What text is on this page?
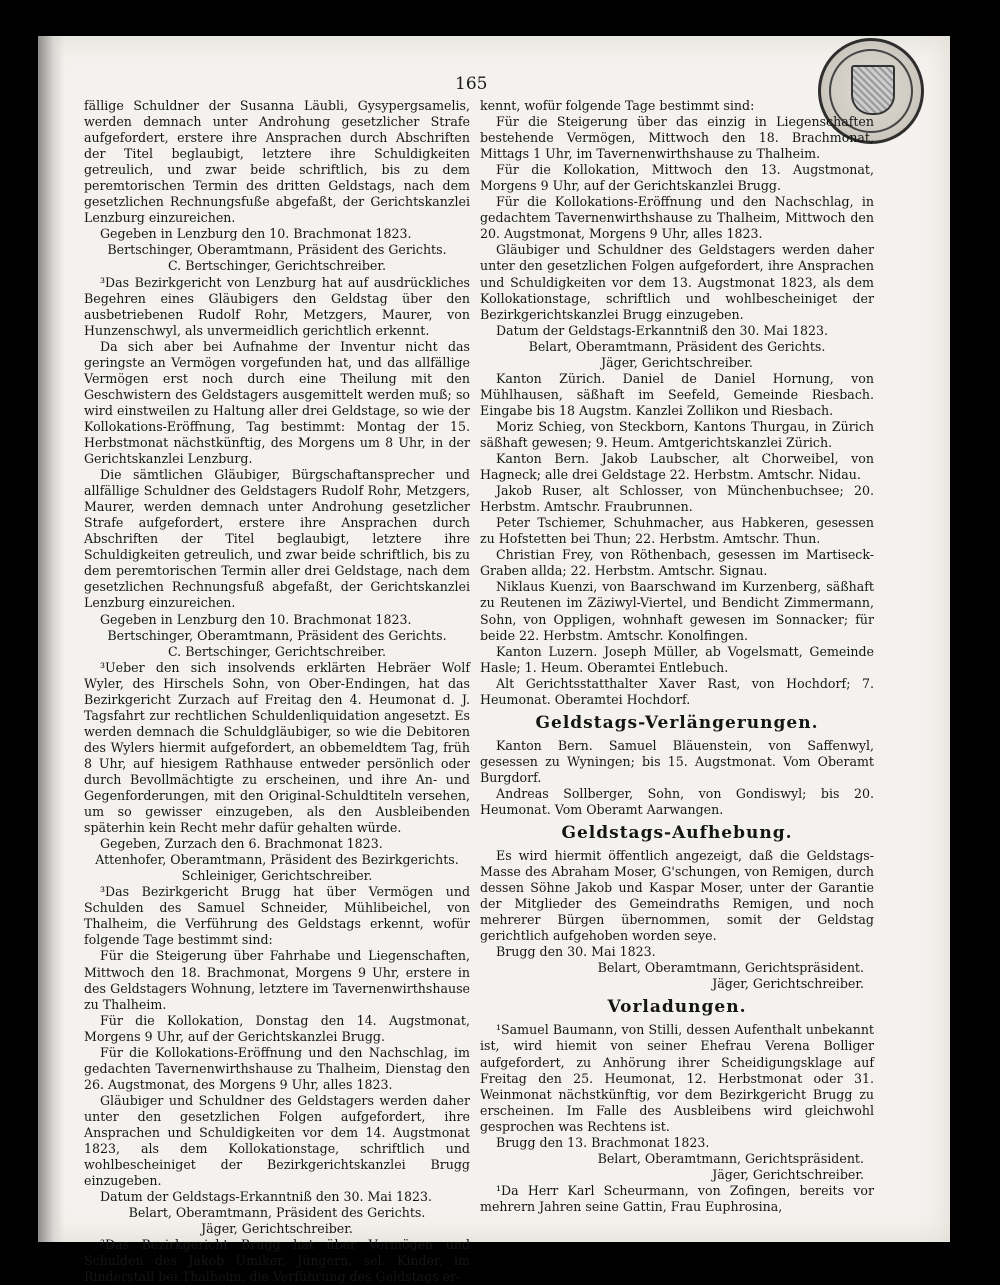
165

fällige Schuldner der Susanna Läubli, Gysypergsamelis, werden demnach unter Androhung gesetzlicher Strafe aufgefordert, erstere ihre Ansprachen durch Abschriften der Titel beglaubigt, letztere ihre Schuldigkeiten getreulich, und zwar beide schriftlich, bis zu dem peremtorischen Termin des dritten Geldstags, nach dem gesetzlichen Rechnungsfuße abgefaßt, der Gerichtskanzlei Lenzburg einzureichen.

Gegeben in Lenzburg den 10. Brachmonat 1823.

Bertschinger, Oberamtmann, Präsident des Gerichts.

C. Bertschinger, Gerichtschreiber.

³Das Bezirkgericht von Lenzburg hat auf ausdrückliches Begehren eines Gläubigers den Geldstag über den ausbetriebenen Rudolf Rohr, Metzgers, Maurer, von Hunzenschwyl, als unvermeidlich gerichtlich erkennt.

Da sich aber bei Aufnahme der Inventur nicht das geringste an Vermögen vorgefunden hat, und das allfällige Vermögen erst noch durch eine Theilung mit den Geschwistern des Geldstagers ausgemittelt werden muß; so wird einstweilen zu Haltung aller drei Geldstage, so wie der Kollokations-Eröffnung, Tag bestimmt: Montag der 15. Herbstmonat nächstkünftig, des Morgens um 8 Uhr, in der Gerichtskanzlei Lenzburg.

Die sämtlichen Gläubiger, Bürgschaftansprecher und allfällige Schuldner des Geldstagers Rudolf Rohr, Metzgers, Maurer, werden demnach unter Androhung gesetzlicher Strafe aufgefordert, erstere ihre Ansprachen durch Abschriften der Titel beglaubigt, letztere ihre Schuldigkeiten getreulich, und zwar beide schriftlich, bis zu dem peremtorischen Termin aller drei Geldstage, nach dem gesetzlichen Rechnungsfuß abgefaßt, der Gerichtskanzlei Lenzburg einzureichen.

Gegeben in Lenzburg den 10. Brachmonat 1823.

Bertschinger, Oberamtmann, Präsident des Gerichts.

C. Bertschinger, Gerichtschreiber.

³Ueber den sich insolvends erklärten Hebräer Wolf Wyler, des Hirschels Sohn, von Ober-Endingen, hat das Bezirkgericht Zurzach auf Freitag den 4. Heumonat d. J. Tagsfahrt zur rechtlichen Schuldenliquidation angesetzt. Es werden demnach die Schuldgläubiger, so wie die Debitoren des Wylers hiermit aufgefordert, an obbemeldtem Tag, früh 8 Uhr, auf hiesigem Rathhause entweder persönlich oder durch Bevollmächtigte zu erscheinen, und ihre An- und Gegenforderungen, mit den Original-Schuldtiteln versehen, um so gewisser einzugeben, als den Ausbleibenden späterhin kein Recht mehr dafür gehalten würde.

Gegeben, Zurzach den 6. Brachmonat 1823.

Attenhofer, Oberamtmann, Präsident des Bezirkgerichts.

Schleiniger, Gerichtschreiber.

³Das Bezirkgericht Brugg hat über Vermögen und Schulden des Samuel Schneider, Mühlibeichel, von Thalheim, die Verführung des Geldstags erkennt, wofür folgende Tage bestimmt sind:

Für die Steigerung über Fahrhabe und Liegenschaften, Mittwoch den 18. Brachmonat, Morgens 9 Uhr, erstere in des Geldstagers Wohnung, letztere im Tavernenwirthshause zu Thalheim.

Für die Kollokation, Donstag den 14. Augstmonat, Morgens 9 Uhr, auf der Gerichtskanzlei Brugg.

Für die Kollokations-Eröffnung und den Nachschlag, im gedachten Tavernenwirthshause zu Thalheim, Dienstag den 26. Augstmonat, des Morgens 9 Uhr, alles 1823.

Gläubiger und Schuldner des Geldstagers werden daher unter den gesetzlichen Folgen aufgefordert, ihre Ansprachen und Schuldigkeiten vor dem 14. Augstmonat 1823, als dem Kollokationstage, schriftlich und wohlbescheiniget der Bezirkgerichtskanzlei Brugg einzugeben.

Datum der Geldstags-Erkanntniß den 30. Mai 1823.

Belart, Oberamtmann, Präsident des Gerichts.

Jäger, Gerichtschreiber.

²Das Bezirkgericht Brugg hat über Vermögen und Schulden des Jakob Umiker, Jüngern, sel. Kinder, im Rinderstall bei Thalheim, die Verführung des Geldstags er-

kennt, wofür folgende Tage bestimmt sind:

Für die Steigerung über das einzig in Liegenschaften bestehende Vermögen, Mittwoch den 18. Brachmonat, Mittags 1 Uhr, im Tavernenwirthshause zu Thalheim.

Für die Kollokation, Mittwoch den 13. Augstmonat, Morgens 9 Uhr, auf der Gerichtskanzlei Brugg.

Für die Kollokations-Eröffnung und den Nachschlag, in gedachtem Tavernenwirthshause zu Thalheim, Mittwoch den 20. Augstmonat, Morgens 9 Uhr, alles 1823.

Gläubiger und Schuldner des Geldstagers werden daher unter den gesetzlichen Folgen aufgefordert, ihre Ansprachen und Schuldigkeiten vor dem 13. Augstmonat 1823, als dem Kollokationstage, schriftlich und wohlbescheiniget der Bezirkgerichtskanzlei Brugg einzugeben.

Datum der Geldstags-Erkanntniß den 30. Mai 1823.

Belart, Oberamtmann, Präsident des Gerichts.

Jäger, Gerichtschreiber.

Kanton Zürich. Daniel de Daniel Hornung, von Mühlhausen, säßhaft im Seefeld, Gemeinde Riesbach. Eingabe bis 18 Augstm. Kanzlei Zollikon und Riesbach.

Moriz Schieg, von Steckborn, Kantons Thurgau, in Zürich säßhaft gewesen; 9. Heum. Amtgerichtskanzlei Zürich.

Kanton Bern. Jakob Laubscher, alt Chorweibel, von Hagneck; alle drei Geldstage 22. Herbstm. Amtschr. Nidau.

Jakob Ruser, alt Schlosser, von Münchenbuchsee; 20. Herbstm. Amtschr. Fraubrunnen.

Peter Tschiemer, Schuhmacher, aus Habkeren, gesessen zu Hofstetten bei Thun; 22. Herbstm. Amtschr. Thun.

Christian Frey, von Röthenbach, gesessen im Martiseck-Graben allda; 22. Herbstm. Amtschr. Signau.

Niklaus Kuenzi, von Baarschwand im Kurzenberg, säßhaft zu Reutenen im Zäziwyl-Viertel, und Bendicht Zimmermann, Sohn, von Oppligen, wohnhaft gewesen im Sonnacker; für beide 22. Herbstm. Amtschr. Konolfingen.

Kanton Luzern. Joseph Müller, ab Vogelsmatt, Gemeinde Hasle; 1. Heum. Oberamtei Entlebuch.

Alt Gerichtsstatthalter Xaver Rast, von Hochdorf; 7. Heumonat. Oberamtei Hochdorf.

Geldstags-Verlängerungen.

Kanton Bern. Samuel Bläuenstein, von Saffenwyl, gesessen zu Wyningen; bis 15. Augstmonat. Vom Oberamt Burgdorf.

Andreas Sollberger, Sohn, von Gondiswyl; bis 20. Heumonat. Vom Oberamt Aarwangen.

Geldstags-Aufhebung.

Es wird hiermit öffentlich angezeigt, daß die Geldstags-Masse des Abraham Moser, G'schungen, von Remigen, durch dessen Söhne Jakob und Kaspar Moser, unter der Garantie der Mitglieder des Gemeindraths Remigen, und noch mehrerer Bürgen übernommen, somit der Geldstag gerichtlich aufgehoben worden seye.

Brugg den 30. Mai 1823.

Belart, Oberamtmann, Gerichtspräsident.

Jäger, Gerichtschreiber.

Vorladungen.

¹Samuel Baumann, von Stilli, dessen Aufenthalt unbekannt ist, wird hiemit von seiner Ehefrau Verena Bolliger aufgefordert, zu Anhörung ihrer Scheidigungsklage auf Freitag den 25. Heumonat, 12. Herbstmonat oder 31. Weinmonat nächstkünftig, vor dem Bezirkgericht Brugg zu erscheinen. Im Falle des Ausbleibens wird gleichwohl gesprochen was Rechtens ist.

Brugg den 13. Brachmonat 1823.

Belart, Oberamtmann, Gerichtspräsident.

Jäger, Gerichtschreiber.

¹Da Herr Karl Scheurmann, von Zofingen, bereits vor mehrern Jahren seine Gattin, Frau Euphrosina,
